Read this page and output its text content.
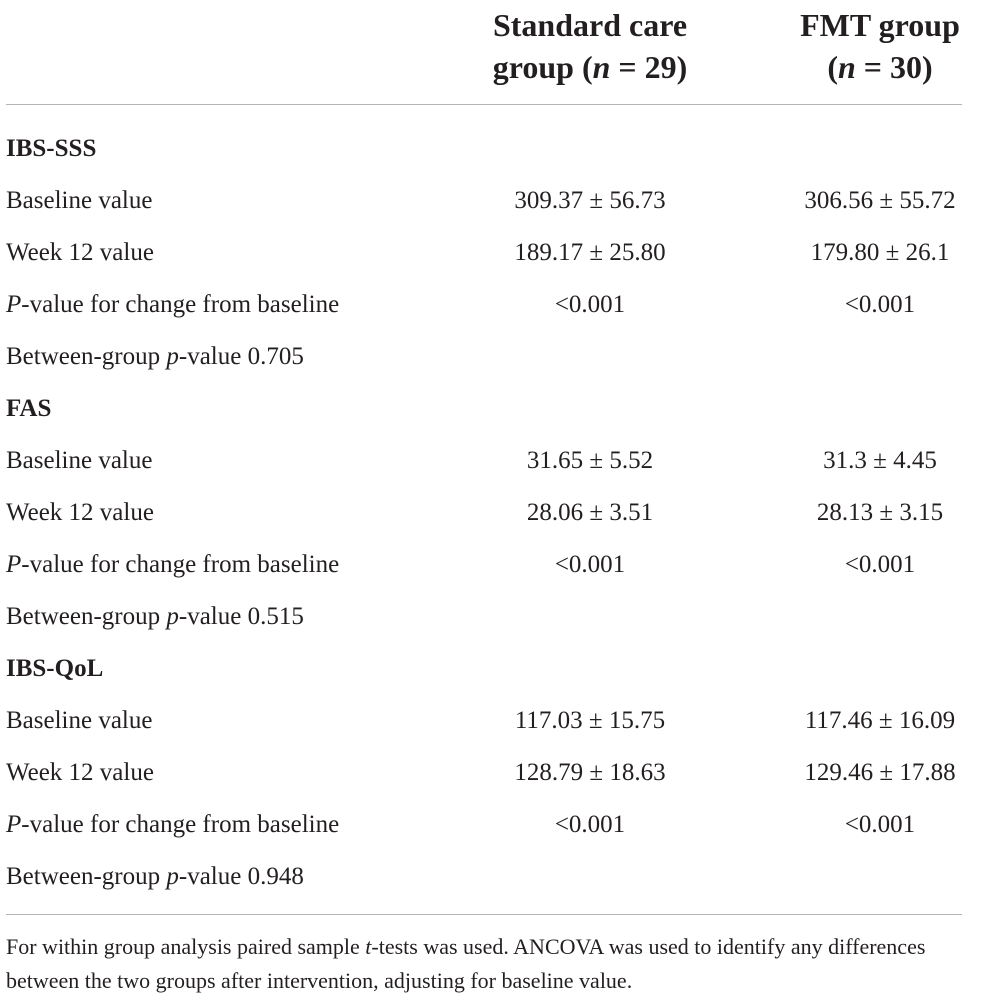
Standard care
group (n = 29)
FMT group
(n = 30)
IBS-SSS
Baseline value	309.37 ± 56.73	306.56 ± 55.72
Week 12 value	189.17 ± 25.80	179.80 ± 26.1
P-value for change from baseline	<0.001	<0.001
Between-group p-value 0.705
FAS
Baseline value	31.65 ± 5.52	31.3 ± 4.45
Week 12 value	28.06 ± 3.51	28.13 ± 3.15
P-value for change from baseline	<0.001	<0.001
Between-group p-value 0.515
IBS-QoL
Baseline value	117.03 ± 15.75	117.46 ± 16.09
Week 12 value	128.79 ± 18.63	129.46 ± 17.88
P-value for change from baseline	<0.001	<0.001
Between-group p-value 0.948
For within group analysis paired sample t-tests was used. ANCOVA was used to identify any differences between the two groups after intervention, adjusting for baseline value.
